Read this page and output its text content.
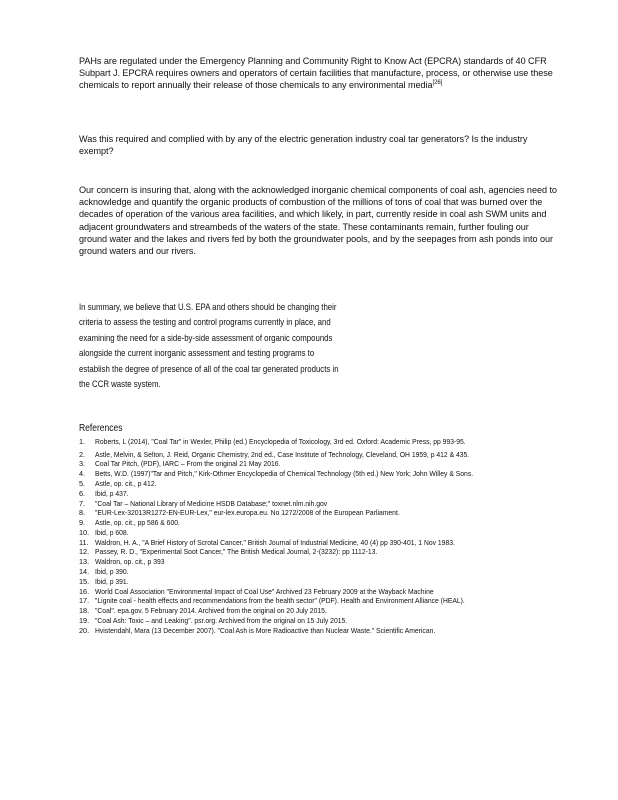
PAHs are regulated under the Emergency Planning and Community Right to Know Act (EPCRA) standards of 40 CFR Subpart J. EPCRA requires owners and operators of certain facilities that manufacture, process, or otherwise use these chemicals to report annually their release of those chemicals to any environmental media[26]

Was this required and complied with by any of the electric generation industry coal tar generators? Is the industry exempt?

Our concern is insuring that, along with the acknowledged inorganic chemical components of coal ash, agencies need to acknowledge and quantify the organic products of combustion of the millions of tons of coal that was burned over the decades of operation of the various area facilities, and which likely, in part, currently reside in coal ash SWM units and adjacent groundwaters and streambeds of the waters of the state. These contaminants remain, further fouling our ground water and the lakes and rivers fed by both the groundwater pools, and by the seepages from ash ponds into our ground waters and our rivers.

In summary, we believe that U.S. EPA and others should be changing their
criteria to assess the testing and control programs currently in place, and
examining the need for a side-by-side assessment of organic compounds
alongside the current inorganic assessment and testing programs to
establish the degree of presence of all of the coal tar generated products in
the CCR waste system.
References
1. Roberts, L (2014), "Coal Tar" in Wexler, Philip (ed.) Encyclopedia of Toxicology, 3rd ed. Oxford: Academic Press, pp 993-95.
2. Astle, Melvin, & Selton, J. Reid, Organic Chemistry, 2nd ed., Case Institute of Technology, Cleveland, OH 1959, p 412 & 435.
3. Coal Tar Pitch, (PDF), IARC – From the original 21 May 2016.
4. Betts, W.D. (1997)"Tar and Pitch," Kirk-Othmer Encyclopedia of Chemical Technology (5th ed.) New York; John Willey & Sons.
5. Astle, op. cit., p 412.
6. Ibid, p 437.
7. "Coal Tar – National Library of Medicine HSDB Database;" toxnet.nlm.nih.gov
8. "EUR-Lex-32013R1272-EN-EUR-Lex," eur-lex.europa.eu. No 1272/2008 of the European Parliament.
9. Astle, op. cit., pp 586 & 600.
10. Ibid, p 608.
11. Waldron, H. A., "A Brief History of Scrotal Cancer," British Journal of Industrial Medicine, 40 (4) pp 390-401, 1 Nov 1983.
12. Passey, R. D., "Experimental Soot Cancer," The British Medical Journal, 2-(3232): pp 1112-13.
13. Waldron, op. cit., p 393
14. Ibid, p 390.
15. Ibid, p 391.
16. World Coal Association "Environmental Impact of Coal Use" Archived 23 February 2009 at the Wayback Machine
17. "Lignite coal - health effects and recommendations from the health sector" (PDF). Health and Environment Alliance (HEAL).
18. "Coal". epa.gov. 5 February 2014. Archived from the original on 20 July 2015.
19. "Coal Ash: Toxic – and Leaking". psr.org. Archived from the original on 15 July 2015.
20. Hvistendahl, Mara (13 December 2007). "Coal Ash is More Radioactive than Nuclear Waste." Scientific American.
